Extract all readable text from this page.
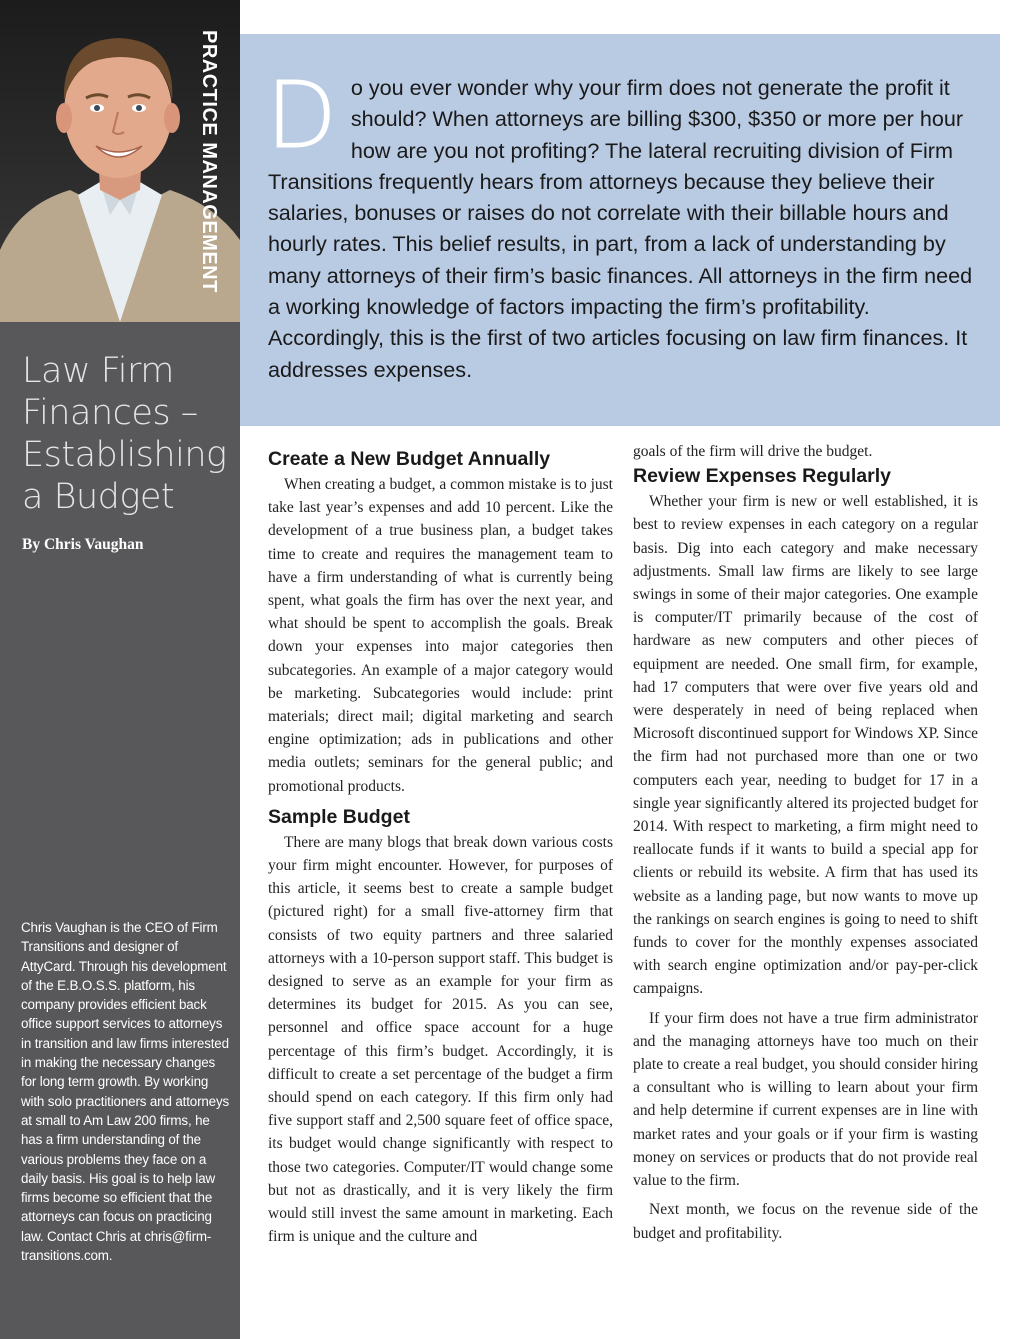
PRACTICE MANAGEMENT
Law Firm
Finances –
Establishing
a Budget
By Chris Vaughan
Chris Vaughan is the CEO of Firm Transitions and designer of AttyCard. Through his development of the E.B.O.S.S. platform, his company provides efficient back office support services to attorneys in transition and law firms interested in making the necessary changes for long term growth. By working with solo practitioners and attorneys at small to Am Law 200 firms, he has a firm understanding of the various problems they face on a daily basis. His goal is to help law firms become so efficient that the attorneys can focus on practicing law. Contact Chris at chris@firm-transitions.com.
D o you ever wonder why your firm does not generate the profit it should? When attorneys are billing $300, $350 or more per hour how are you not profiting? The lateral recruiting division of Firm Transitions frequently hears from attorneys because they believe their salaries, bonuses or raises do not correlate with their billable hours and hourly rates. This belief results, in part, from a lack of understanding by many attorneys of their firm’s basic finances. All attorneys in the firm need a working knowledge of factors impacting the firm’s profitability. Accordingly, this is the first of two articles focusing on law firm finances. It addresses expenses.
Create a New Budget Annually

When creating a budget, a common mistake is to just take last year’s expenses and add 10 percent. Like the development of a true business plan, a budget takes time to create and requires the management team to have a firm understanding of what is currently being spent, what goals the firm has over the next year, and what should be spent to accomplish the goals. Break down your expenses into major categories then subcategories. An example of a major category would be marketing. Subcategories would include: print materials; direct mail; digital marketing and search engine optimization; ads in publications and other media outlets; seminars for the general public; and promotional products.

Sample Budget

There are many blogs that break down various costs your firm might encounter. However, for purposes of this article, it seems best to create a sample budget (pictured right) for a small five-attorney firm that consists of two equity partners and three salaried attorneys with a 10-person support staff. This budget is designed to serve as an example for your firm as determines its budget for 2015. As you can see, personnel and office space account for a huge percentage of this firm’s budget. Accordingly, it is difficult to create a set percentage of the budget a firm should spend on each category. If this firm only had five support staff and 2,500 square feet of office space, its budget would change significantly with respect to those two categories. Computer/IT would change some but not as drastically, and it is very likely the firm would still invest the same amount in marketing. Each firm is unique and the culture and

goals of the firm will drive the budget.

Review Expenses Regularly

Whether your firm is new or well established, it is best to review expenses in each category on a regular basis. Dig into each category and make necessary adjustments. Small law firms are likely to see large swings in some of their major categories. One example is computer/IT primarily because of the cost of hardware as new computers and other pieces of equipment are needed. One small firm, for example, had 17 computers that were over five years old and were desperately in need of being replaced when Microsoft discontinued support for Windows XP. Since the firm had not purchased more than one or two computers each year, needing to budget for 17 in a single year significantly altered its projected budget for 2014. With respect to marketing, a firm might need to reallocate funds if it wants to build a special app for clients or rebuild its website. A firm that has used its website as a landing page, but now wants to move up the rankings on search engines is going to need to shift funds to cover for the monthly expenses associated with search engine optimization and/or pay-per-click campaigns.

If your firm does not have a true firm administrator and the managing attorneys have too much on their plate to create a real budget, you should consider hiring a consultant who is willing to learn about your firm and help determine if current expenses are in line with market rates and your goals or if your firm is wasting money on services or products that do not provide real value to the firm.

Next month, we focus on the revenue side of the budget and profitability.
